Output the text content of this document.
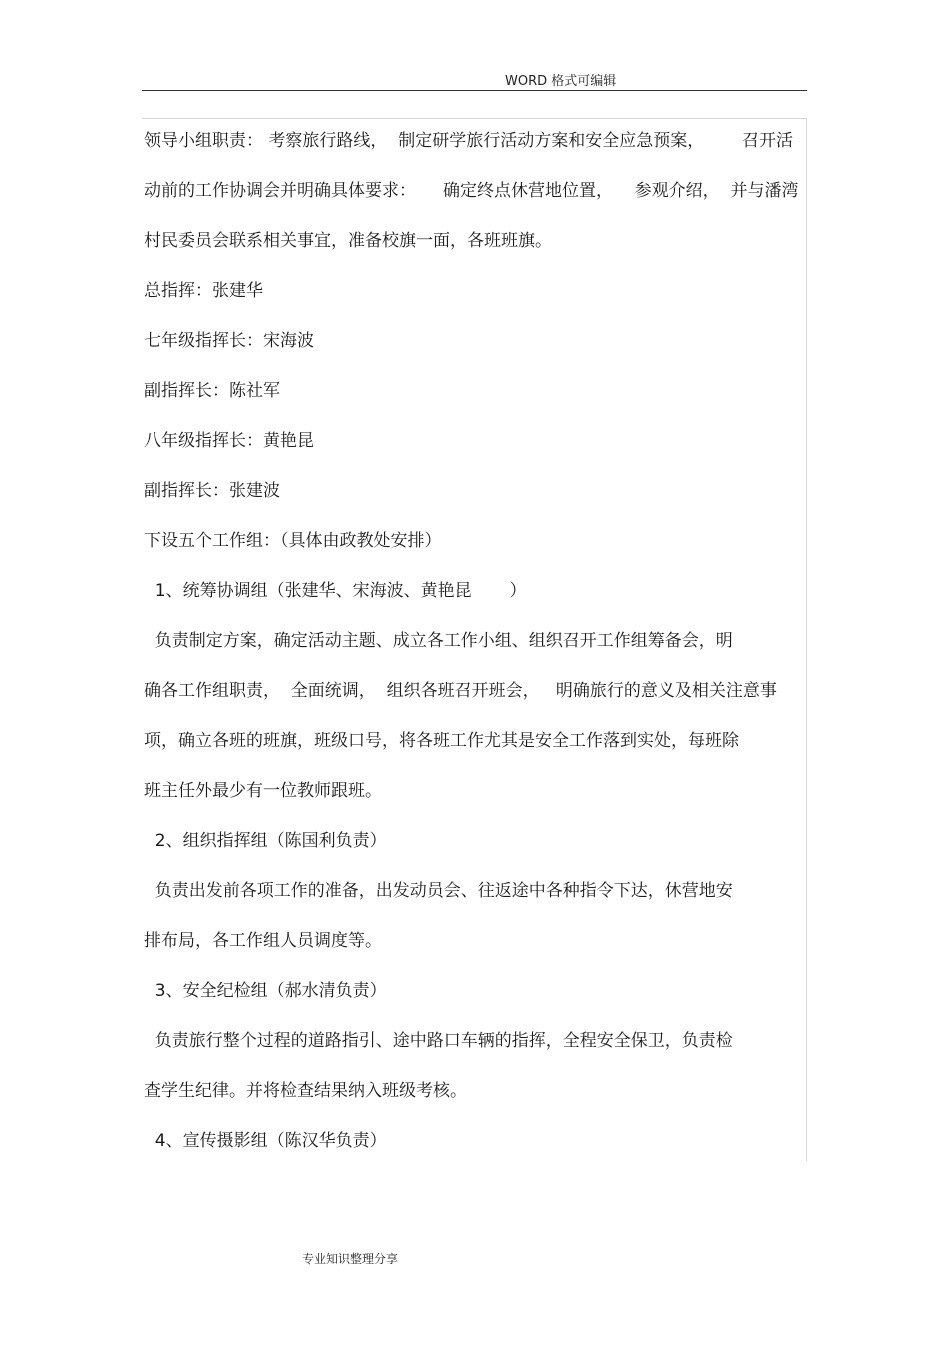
WORD 格式可编辑
领导小组职责： 考察旅行路线，  制定研学旅行活动方案和安全应急预案，       召开活
动前的工作协调会并明确具体要求：     确定终点休营地位置，    参观介绍，  并与潘湾
村民委员会联系相关事宜，准备校旗一面，各班班旗。
总指挥：张建华
七年级指挥长：宋海波
副指挥长：陈社军
八年级指挥长：黄艳昆
副指挥长：张建波
下设五个工作组：（具体由政教处安排）
1、统筹协调组（张建华、宋海波、黄艳昆       ）
负责制定方案，确定活动主题、成立各工作小组、组织召开工作组筹备会，明
确各工作组职责，  全面统调，  组织各班召开班会，   明确旅行的意义及相关注意事
项，确立各班的班旗，班级口号，将各班工作尤其是安全工作落到实处，每班除
班主任外最少有一位教师跟班。
2、组织指挥组（陈国利负责）
负责出发前各项工作的准备，出发动员会、往返途中各种指令下达，休营地安
排布局，各工作组人员调度等。
3、安全纪检组（郝水清负责）
负责旅行整个过程的道路指引、途中路口车辆的指挥，全程安全保卫，负责检
查学生纪律。并将检查结果纳入班级考核。
4、宣传摄影组（陈汉华负责）
专业知识整理分享
